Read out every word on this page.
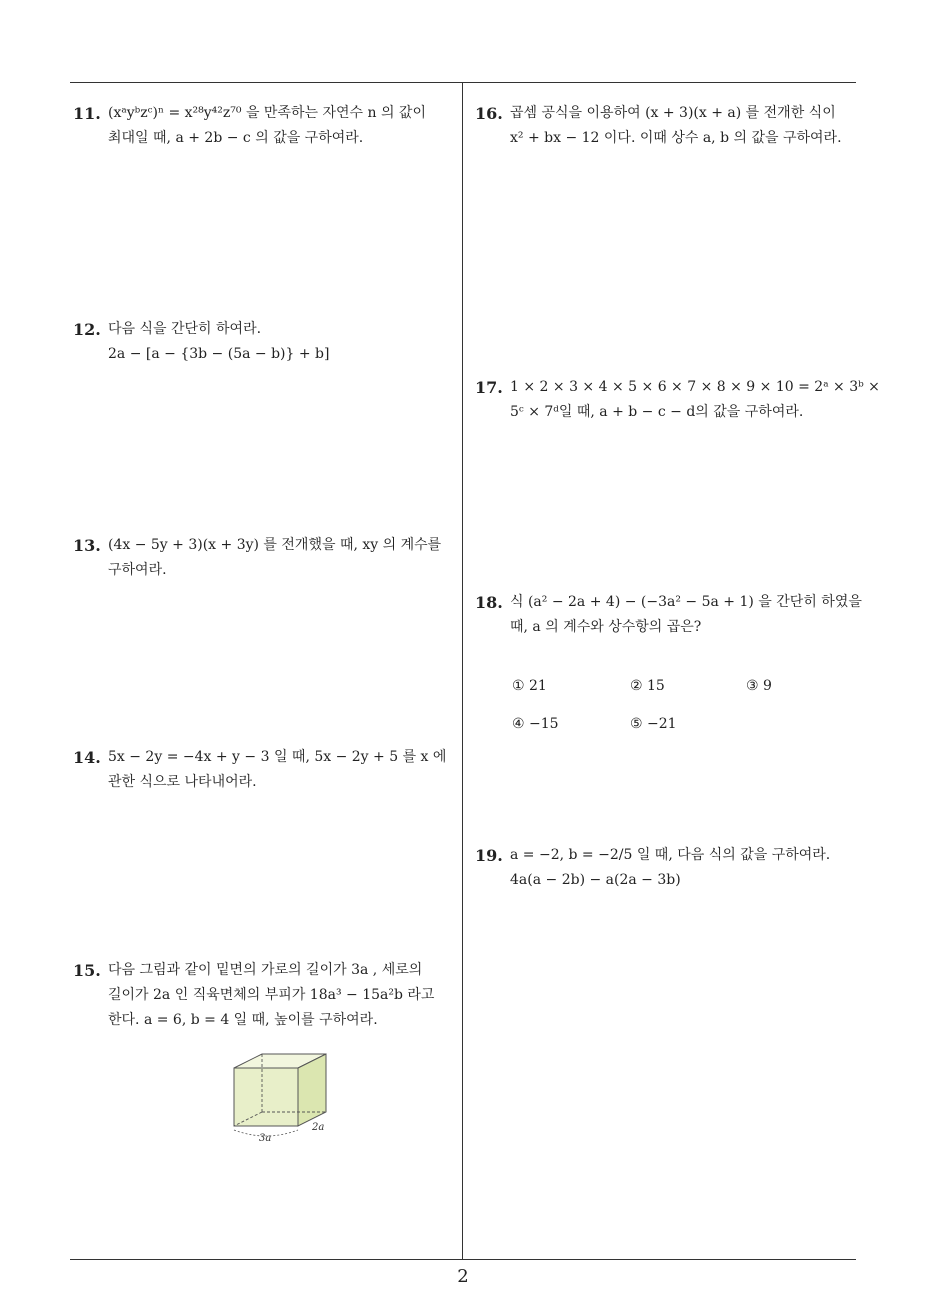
11. (xᵃyᵇzᶜ)ⁿ = x²⁸y⁴²z⁷⁰ 을 만족하는 자연수 n 의 값이
최대일 때, a + 2b − c 의 값을 구하여라.
12. 다음 식을 간단히 하여라.
2a − [a − {3b − (5a − b)} + b]
13. (4x − 5y + 3)(x + 3y) 를 전개했을 때, xy 의 계수를
구하여라.
14. 5x − 2y = −4x + y − 3 일 때, 5x − 2y + 5 를 x 에
관한 식으로 나타내어라.
15. 다음 그림과 같이 밑면의 가로의 길이가 3a , 세로의
길이가 2a 인 직육면체의 부피가 18a³ − 15a²b 라고
한다. a = 6, b = 4 일 때, 높이를 구하여라.
3a
2a
16. 곱셈 공식을 이용하여 (x + 3)(x + a) 를 전개한 식이
x² + bx − 12 이다. 이때 상수 a, b 의 값을 구하여라.
17. 1 × 2 × 3 × 4 × 5 × 6 × 7 × 8 × 9 × 10 = 2ᵃ × 3ᵇ ×
5ᶜ × 7ᵈ일 때, a + b − c − d의 값을 구하여라.
18. 식 (a² − 2a + 4) − (−3a² − 5a + 1) 을 간단히 하였을
때, a 의 계수와 상수항의 곱은?
① 21	② 15	③ 9
④ −15	⑤ −21
19. a = −2, b = −2/5 일 때, 다음 식의 값을 구하여라.
4a(a − 2b) − a(2a − 3b)
2
